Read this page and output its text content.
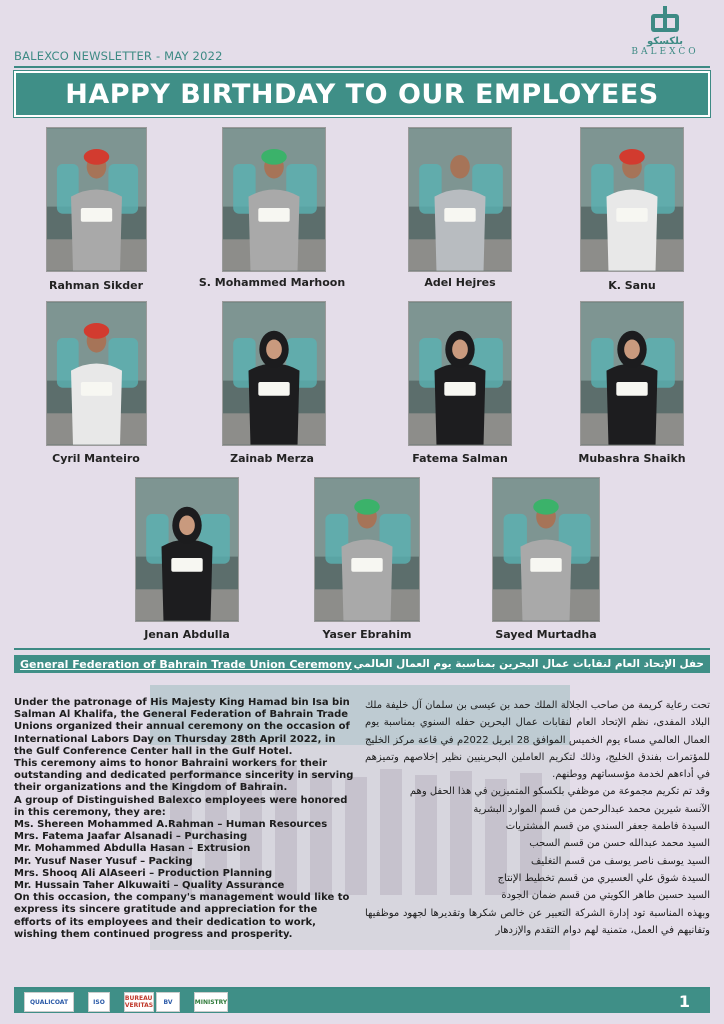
BALEXCO NEWSLETTER - MAY 2022
بلكسكو
BALEXCO
HAPPY BIRTHDAY TO OUR EMPLOYEES
Rahman Sikder	S. Mohammed Marhoon	Adel Hejres	K. Sanu
Cyril Manteiro	Zainab Merza	Fatema Salman	Mubashra Shaikh
Jenan Abdulla	Yaser Ebrahim	Sayed Murtadha
General Federation of Bahrain Trade Union Ceremony حفل الإتحاد العام لنقابات عمال البحرين بمناسبة يوم العمال العالمي

Under the patronage of His Majesty King Hamad bin Isa bin Salman Al Khalifa, the General Federation of Bahrain Trade Unions organized their annual ceremony on the occasion of International Labors Day on Thursday 28th April 2022, in the Gulf Conference Center hall in the Gulf Hotel.

This ceremony aims to honor Bahraini workers for their outstanding and dedicated performance sincerity in serving their organizations and the Kingdom of Bahrain.

A group of Distinguished Balexco employees were honored in this ceremony, they are:

Ms. Shereen Mohammed A.Rahman – Human Resources

Mrs. Fatema Jaafar Alsanadi – Purchasing

Mr. Mohammed Abdulla Hasan – Extrusion

Mr. Yusuf Naser Yusuf – Packing

Mrs. Shooq Ali AlAseeri – Production Planning

Mr. Hussain Taher Alkuwaiti – Quality Assurance

On this occasion, the company's management would like to express its sincere gratitude and appreciation for the efforts of its employees and their dedication to work, wishing them continued progress and prosperity.

تحت رعاية كريمة من صاحب الجلالة الملك حمد بن عيسى بن سلمان آل خليفة ملك البلاد المفدى، نظم الإتحاد العام لنقابات عمال البحرين حفله السنوي بمناسبة يوم العمال العالمي مساء يوم الخميس الموافق 28 ابريل 2022م في قاعة مركز الخليج للمؤتمرات بفندق الخليج، وذلك لتكريم العاملين البحرينيين نظير إخلاصهم وتميزهم في أداءهم لخدمة مؤسساتهم ووطنهم.

وقد تم تكريم مجموعة من موظفي بلكسكو المتميزين في هذا الحفل وهم

الآنسة شيرين محمد عبدالرحمن من قسم الموارد البشرية

السيدة فاطمة جعفر السندي من قسم المشتريات

السيد محمد عبدالله حسن من قسم السحب

السيد يوسف ناصر يوسف من قسم التغليف

السيدة شوق علي العسيري من قسم تخطيط الإنتاج

السيد حسين طاهر الكويتي من قسم ضمان الجودة

وبهذه المناسبة تود إدارة الشركة التعبير عن خالص شكرها وتقديرها لجهود موظفيها وتفانيهم في العمل، متمنية لهم دوام التقدم والإزدهار

QUALICOAT	ISO	BUREAU VERITAS	BV	MINISTRY	1
